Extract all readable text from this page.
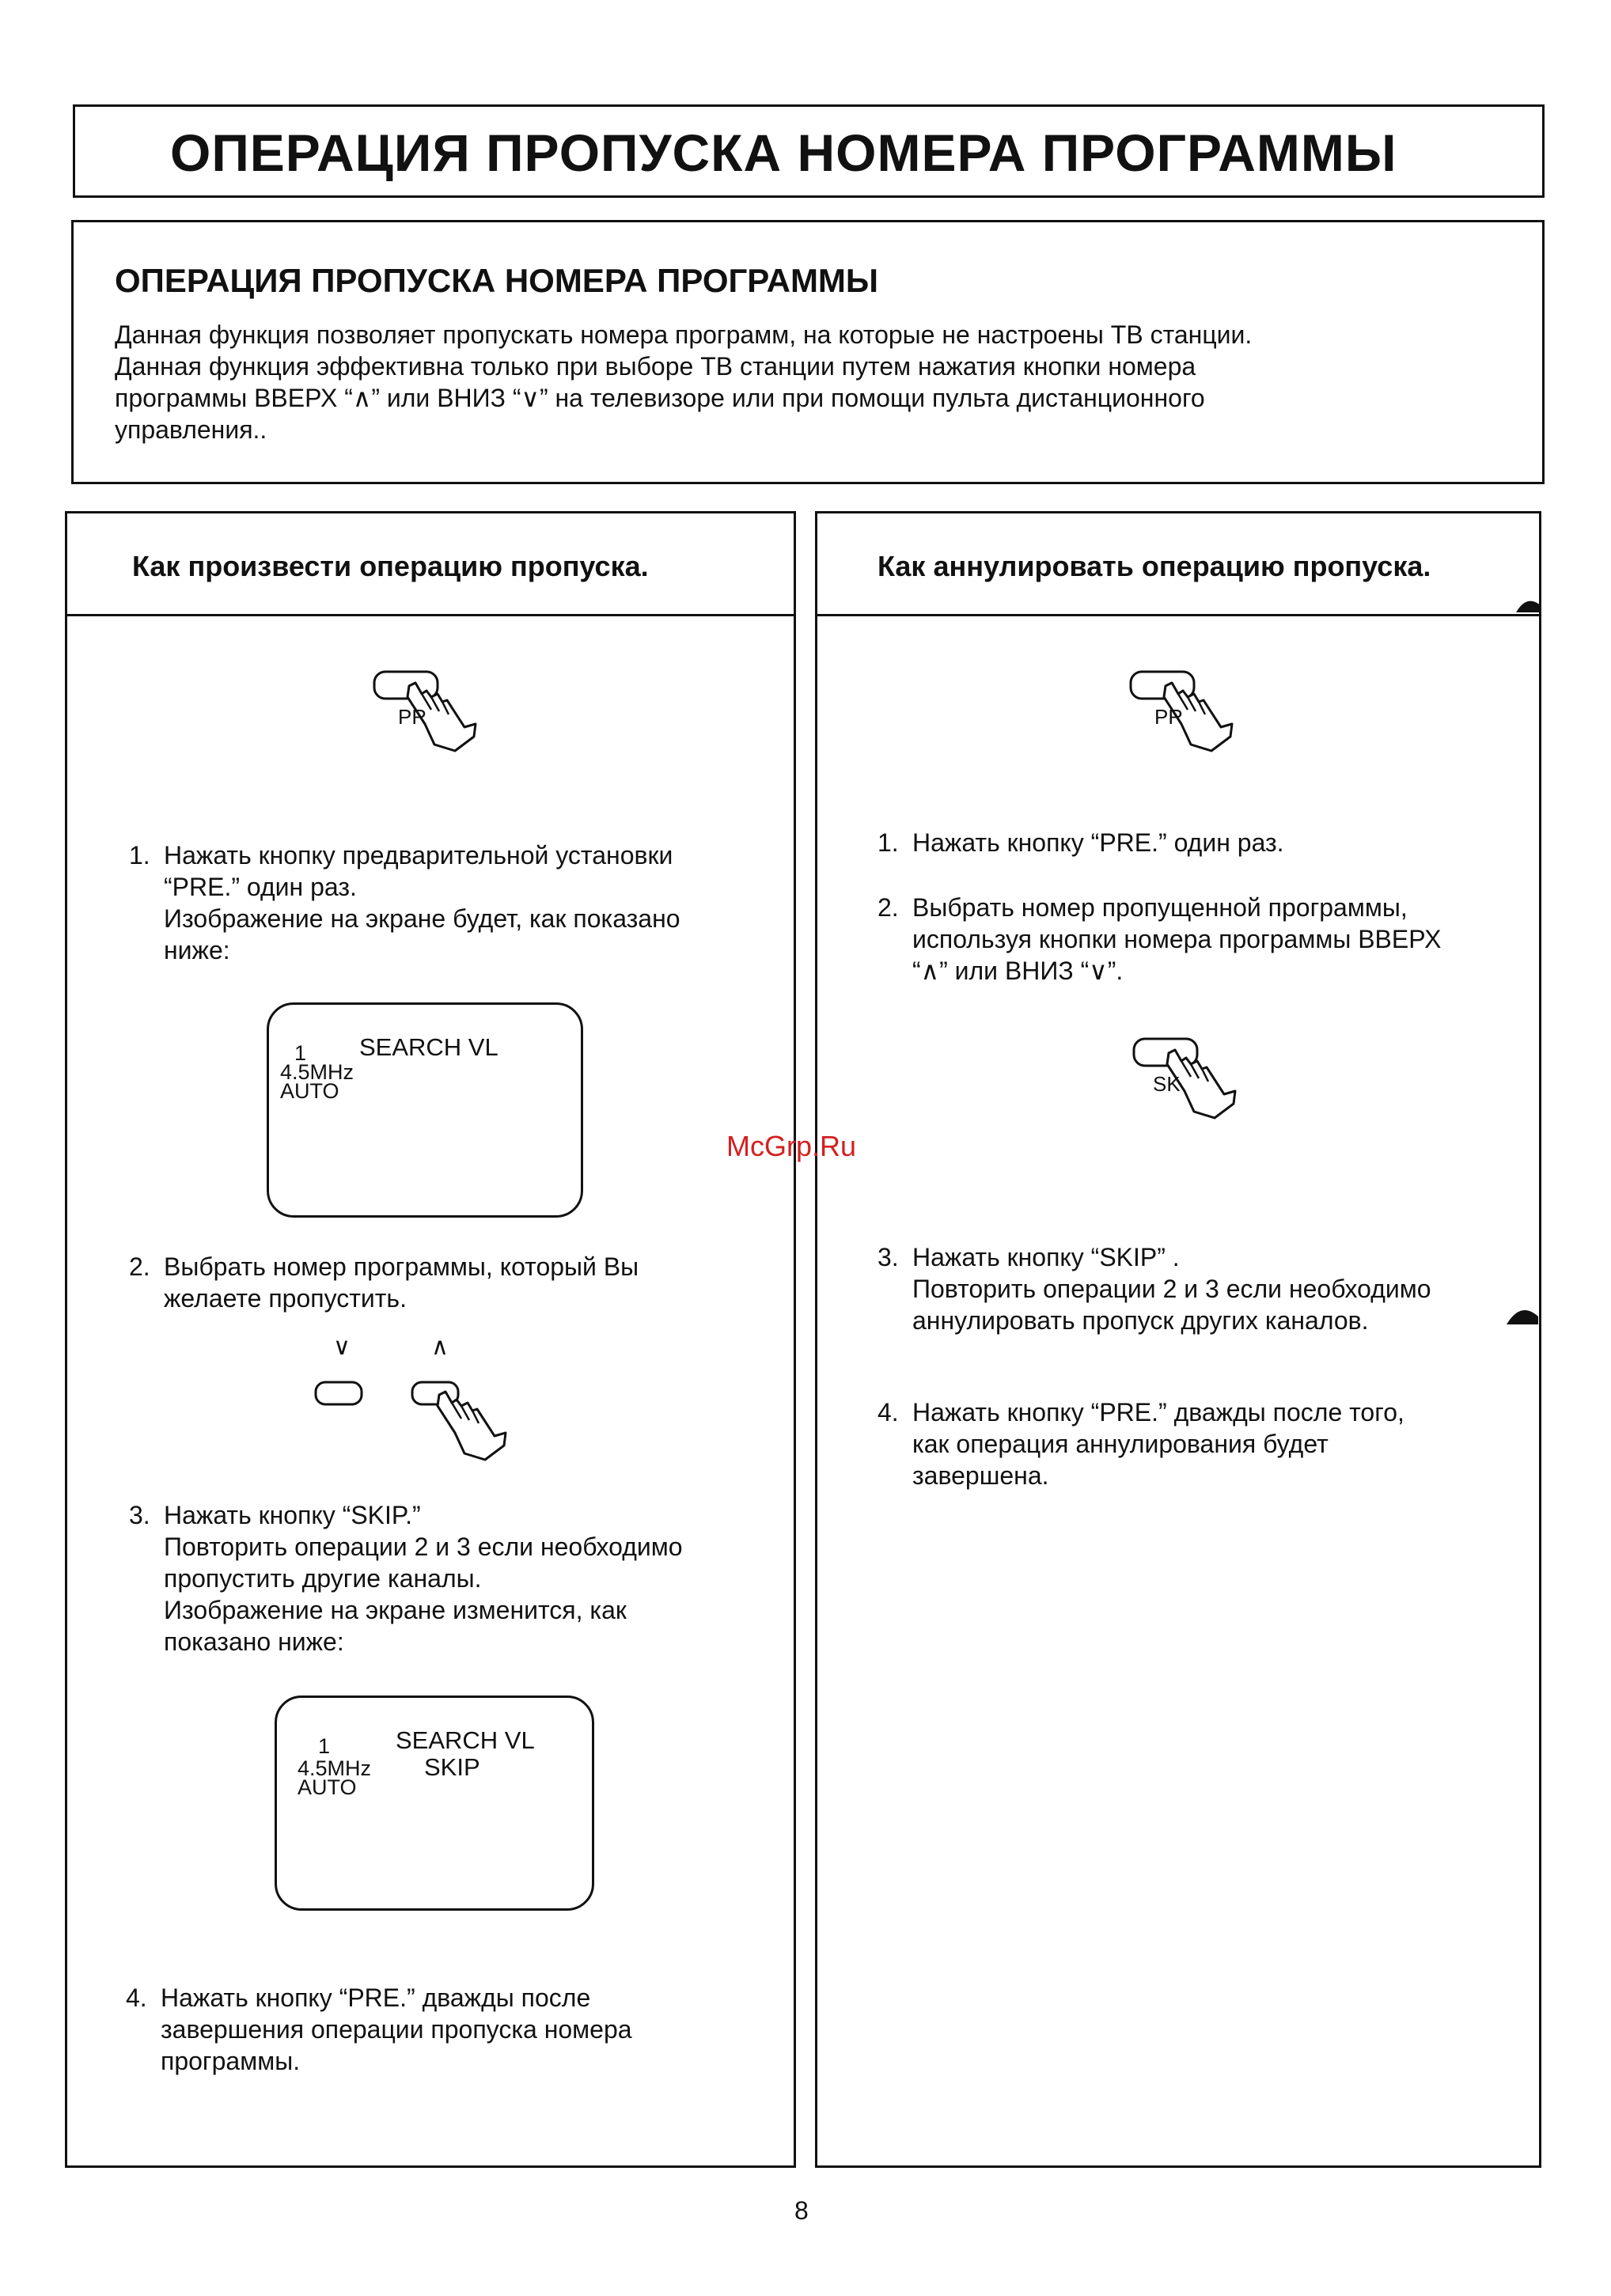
ОПЕРАЦИЯ ПРОПУСКА НОМЕРА ПРОГРАММЫ
ОПЕРАЦИЯ ПРОПУСКА НОМЕРА ПРОГРАММЫ

Данная функция позволяет пропускать номера программ, на которые не настроены ТВ станции.
Данная функция эффективна только при выборе ТВ станции путем нажатия кнопки номера
программы ВВЕРХ “∧” или ВНИЗ “∨” на телевизоре или при помощи пульта дистанционного
управления..

Как произвести операцию пропуска.
PR
1. Нажать кнопку предварительной установки
“PRE.” один раз.
Изображение на экране будет, как показано
ниже:
1 SEARCH VL
4.5MHz
AUTO
2. Выбрать номер программы, который Вы
желаете пропустить.
∨	∧
3. Нажать кнопку “SKIP.”
Повторить операции 2 и 3 если необходимо
пропустить другие каналы.
Изображение на экране изменится, как
показано ниже:
1	SEARCH VL
SKIP
4.5MHz
AUTO
4. Нажать кнопку “PRE.” дважды после
завершения операции пропуска номера
программы.
Как аннулировать операцию пропуска.
PR
1. Нажать кнопку “PRE.” один раз.
2. Выбрать номер пропущенной программы,
используя кнопки номера программы ВВЕРХ
“∧” или ВНИЗ “∨”.
SK
3. Нажать кнопку “SKIP” .
Повторить операции 2 и 3 если необходимо
аннулировать пропуск других каналов.
4. Нажать кнопку “PRE.” дважды после того,
как операция аннулирования будет
завершена.
McGrp.Ru
8
